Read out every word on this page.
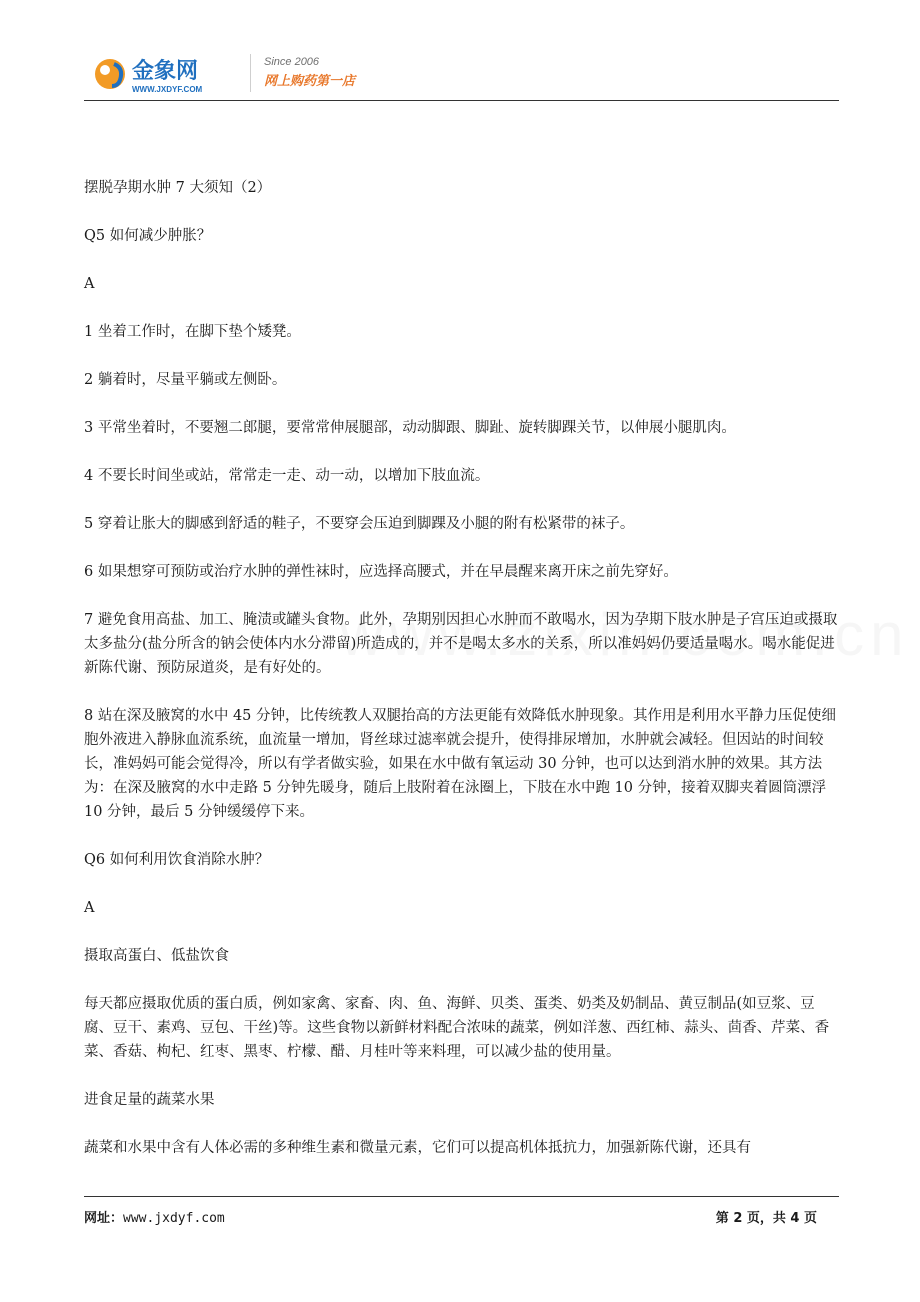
金象网
WWW.JXDYF.COM
Since 2006
网上购药第一店

摆脱孕期水肿 7 大须知（2）

Q5 如何减少肿胀？

A

1 坐着工作时，在脚下垫个矮凳。

2 躺着时，尽量平躺或左侧卧。

3 平常坐着时，不要翘二郎腿，要常常伸展腿部，动动脚跟、脚趾、旋转脚踝关节，以伸展小腿肌肉。

4 不要长时间坐或站，常常走一走、动一动，以增加下肢血流。

5 穿着让胀大的脚感到舒适的鞋子，不要穿会压迫到脚踝及小腿的附有松紧带的袜子。

6 如果想穿可预防或治疗水肿的弹性袜时，应选择高腰式，并在早晨醒来离开床之前先穿好。

7 避免食用高盐、加工、腌渍或罐头食物。此外，孕期别因担心水肿而不敢喝水，因为孕期下肢水肿是子宫压迫或摄取太多盐分(盐分所含的钠会使体内水分滞留)所造成的，并不是喝太多水的关系，所以准妈妈仍要适量喝水。喝水能促进新陈代谢、预防尿道炎，是有好处的。

8 站在深及腋窝的水中 45 分钟，比传统教人双腿抬高的方法更能有效降低水肿现象。其作用是利用水平静力压促使细胞外液进入静脉血流系统，血流量一增加，肾丝球过滤率就会提升，使得排尿增加，水肿就会减轻。但因站的时间较长，准妈妈可能会觉得冷，所以有学者做实验，如果在水中做有氧运动 30 分钟，也可以达到消水肿的效果。其方法为：在深及腋窝的水中走路 5 分钟先暖身，随后上肢附着在泳圈上，下肢在水中跑 10 分钟，接着双脚夹着圆筒漂浮 10 分钟，最后 5 分钟缓缓停下来。

Q6 如何利用饮食消除水肿？

A

摄取高蛋白、低盐饮食

每天都应摄取优质的蛋白质，例如家禽、家畜、肉、鱼、海鲜、贝类、蛋类、奶类及奶制品、黄豆制品(如豆浆、豆腐、豆干、素鸡、豆包、干丝)等。这些食物以新鲜材料配合浓味的蔬菜，例如洋葱、西红柿、蒜头、茴香、芹菜、香菜、香菇、枸杞、红枣、黑枣、柠檬、醋、月桂叶等来料理，可以减少盐的使用量。

进食足量的蔬菜水果

蔬菜和水果中含有人体必需的多种维生素和微量元素，它们可以提高机体抵抗力，加强新陈代谢，还具有

网址：www.jxdyf.com	第 2 页，共 4 页
